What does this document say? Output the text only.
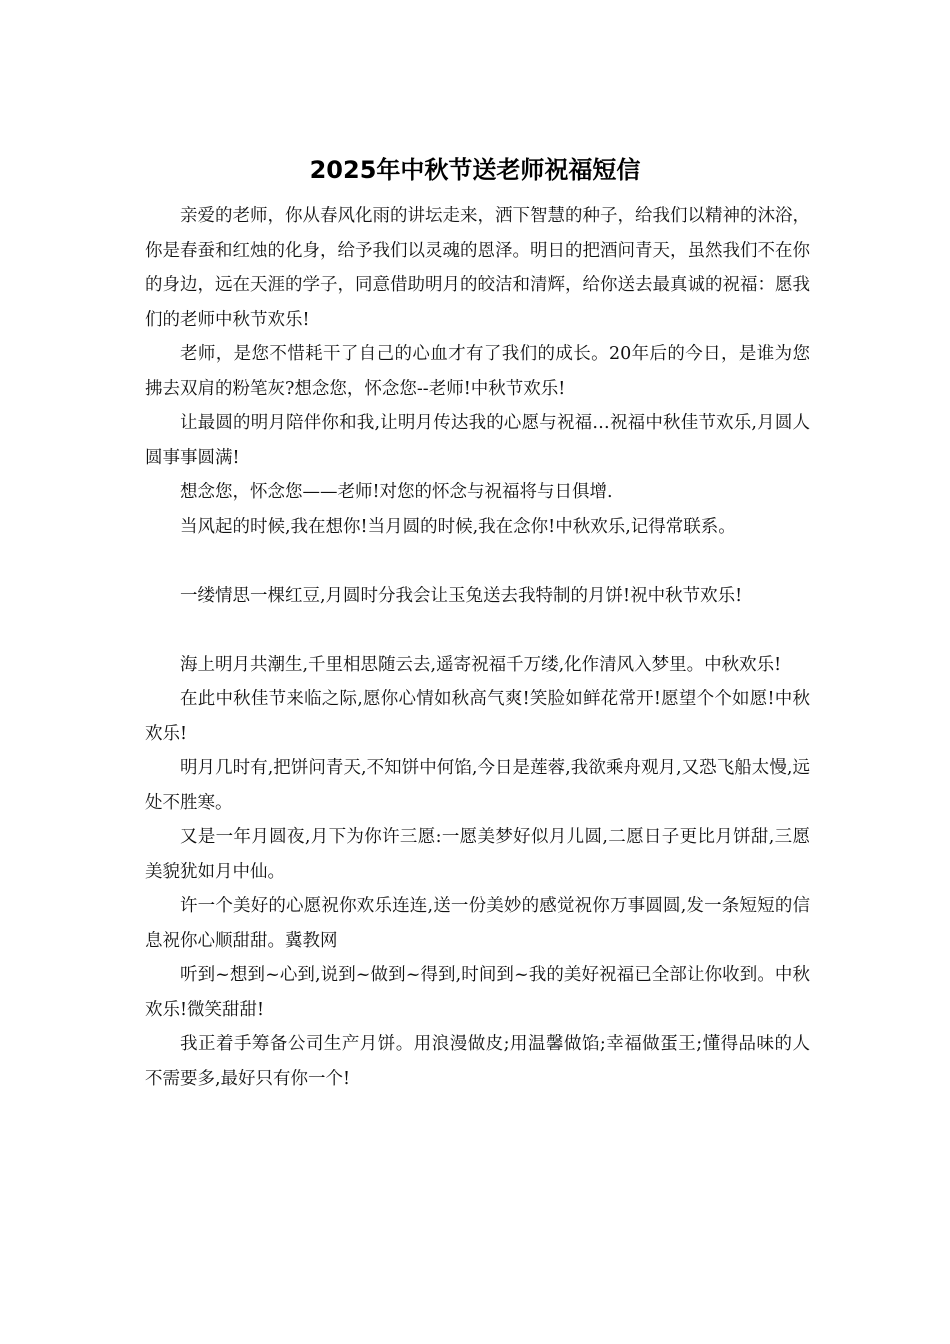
2025年中秋节送老师祝福短信

亲爱的老师，你从春风化雨的讲坛走来，洒下智慧的种子，给我们以精神的沐浴，你是春蚕和红烛的化身，给予我们以灵魂的恩泽。明日的把酒问青天，虽然我们不在你的身边，远在天涯的学子，同意借助明月的皎洁和清辉，给你送去最真诚的祝福：愿我们的老师中秋节欢乐!

老师，是您不惜耗干了自己的心血才有了我们的成长。20年后的今日，是谁为您拂去双肩的粉笔灰?想念您，怀念您--老师!中秋节欢乐!

让最圆的明月陪伴你和我,让明月传达我的心愿与祝福…祝福中秋佳节欢乐,月圆人圆事事圆满!

想念您，怀念您——老师!对您的怀念与祝福将与日俱增.

当风起的时候,我在想你!当月圆的时候,我在念你!中秋欢乐,记得常联系。

一缕情思一棵红豆,月圆时分我会让玉兔送去我特制的月饼!祝中秋节欢乐!

海上明月共潮生,千里相思随云去,遥寄祝福千万缕,化作清风入梦里。中秋欢乐!

在此中秋佳节来临之际,愿你心情如秋高气爽!笑脸如鲜花常开!愿望个个如愿!中秋欢乐!

明月几时有,把饼问青天,不知饼中何馅,今日是莲蓉,我欲乘舟观月,又恐飞船太慢,远处不胜寒。

又是一年月圆夜,月下为你许三愿:一愿美梦好似月儿圆,二愿日子更比月饼甜,三愿美貌犹如月中仙。

许一个美好的心愿祝你欢乐连连,送一份美妙的感觉祝你万事圆圆,发一条短短的信息祝你心顺甜甜。冀教网

听到~想到~心到,说到~做到~得到,时间到~我的美好祝福已全部让你收到。中秋欢乐!微笑甜甜!

我正着手筹备公司生产月饼。用浪漫做皮;用温馨做馅;幸福做蛋王;懂得品味的人不需要多,最好只有你一个!
